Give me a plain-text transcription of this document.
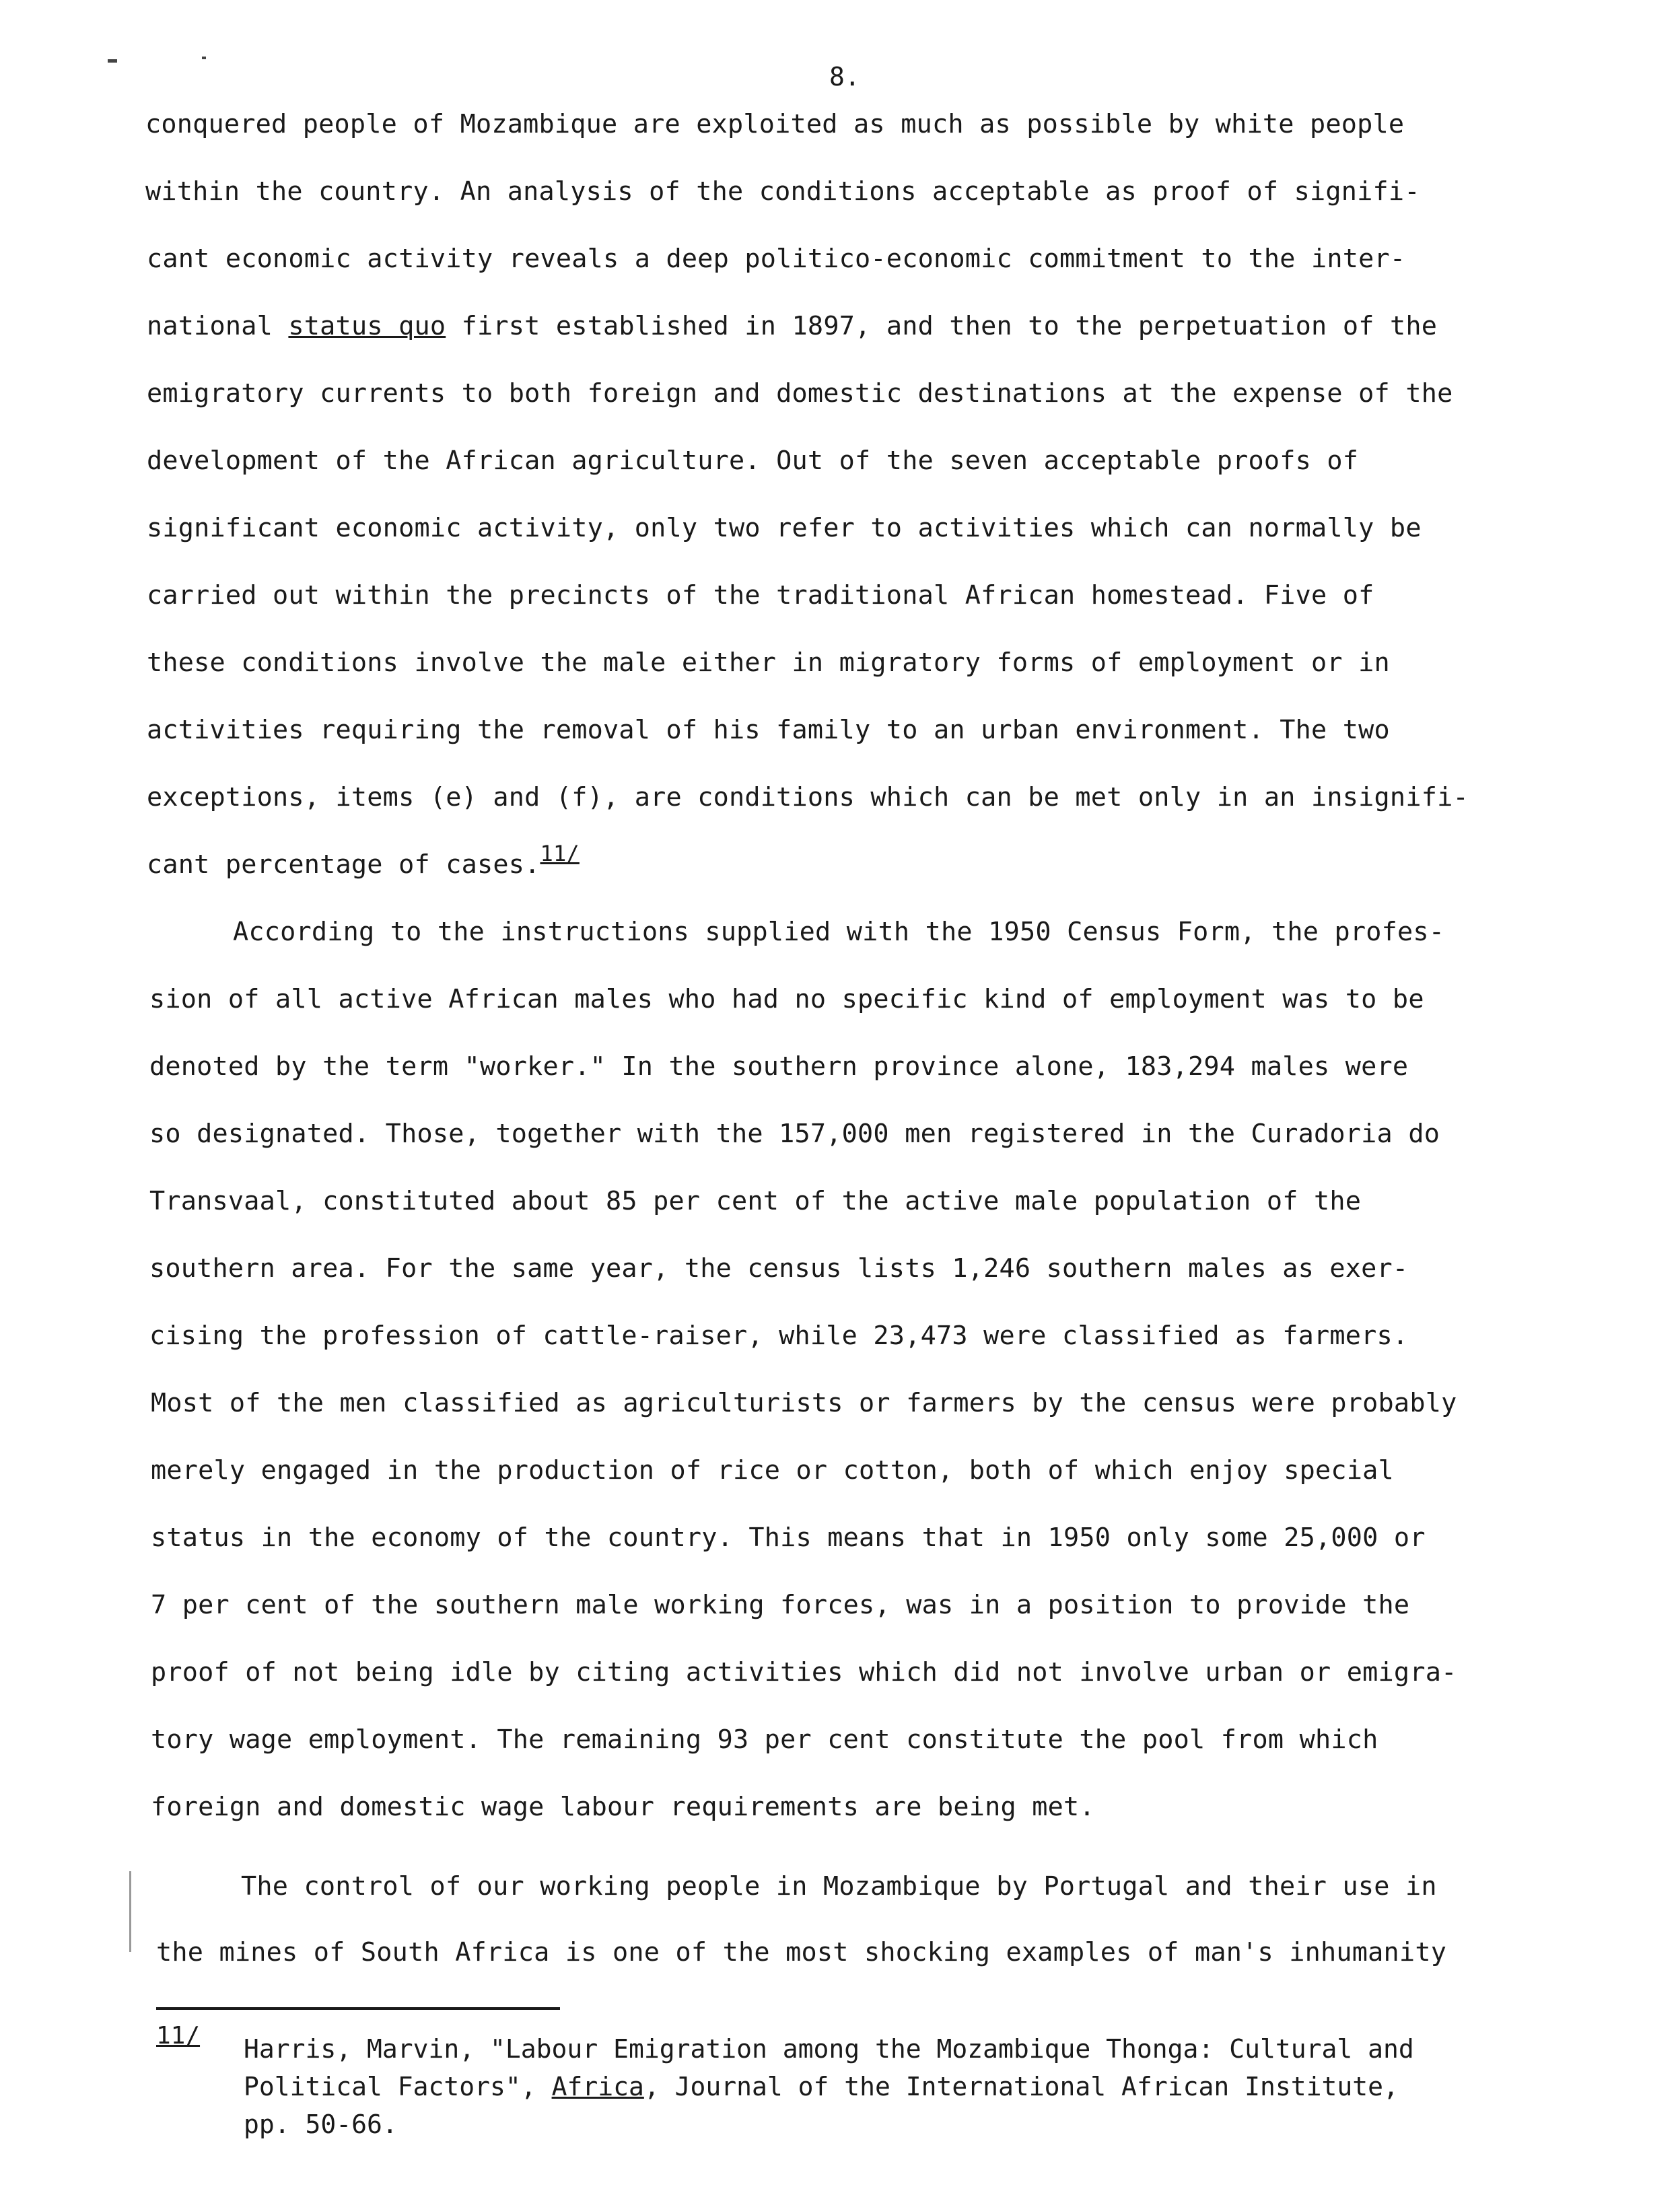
8.
conquered people of Mozambique are exploited as much as possible by white people
within the country. An analysis of the conditions acceptable as proof of signifi-
cant economic activity reveals a deep politico-economic commitment to the inter-
national status quo first established in 1897, and then to the perpetuation of the
emigratory currents to both foreign and domestic destinations at the expense of the
development of the African agriculture. Out of the seven acceptable proofs of
significant economic activity, only two refer to activities which can normally be
carried out within the precincts of the traditional African homestead. Five of
these conditions involve the male either in migratory forms of employment or in
activities requiring the removal of his family to an urban environment. The two
exceptions, items (e) and (f), are conditions which can be met only in an insignifi-
cant percentage of cases.$^{11/}$
According to the instructions supplied with the 1950 Census Form, the profes-
sion of all active African males who had no specific kind of employment was to be
denoted by the term "worker." In the southern province alone, 183,294 males were
so designated. Those, together with the 157,000 men registered in the Curadoria do
Transvaal, constituted about 85 per cent of the active male population of the
southern area. For the same year, the census lists 1,246 southern males as exer-
cising the profession of cattle-raiser, while 23,473 were classified as farmers.
Most of the men classified as agriculturists or farmers by the census were probably
merely engaged in the production of rice or cotton, both of which enjoy special
status in the economy of the country. This means that in 1950 only some 25,000 or
7 per cent of the southern male working forces, was in a position to provide the
proof of not being idle by citing activities which did not involve urban or emigra-
tory wage employment. The remaining 93 per cent constitute the pool from which
foreign and domestic wage labour requirements are being met.
The control of our working people in Mozambique by Portugal and their use in
the mines of South Africa is one of the most shocking examples of man's inhumanity
11/ Harris, Marvin, "Labour Emigration among the Mozambique Thonga: Cultural and
Political Factors", Africa, Journal of the International African Institute,
pp. 50-66.
